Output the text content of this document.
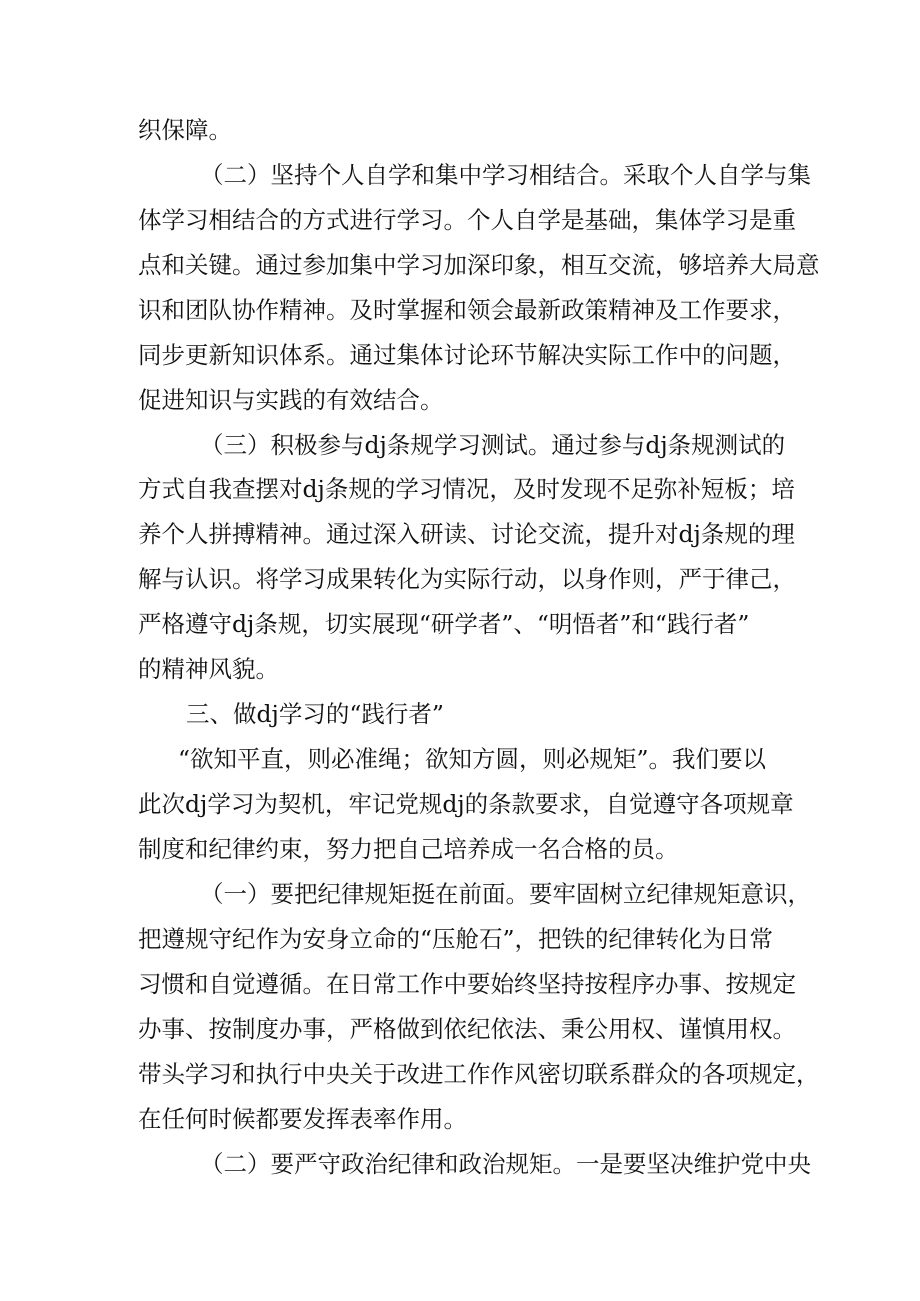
织保障。

（二）坚持个人自学和集中学习相结合。采取个人自学与集

体学习相结合的方式进行学习。个人自学是基础，集体学习是重

点和关键。通过参加集中学习加深印象，相互交流，够培养大局意

识和团队协作精神。及时掌握和领会最新政策精神及工作要求，

同步更新知识体系。通过集体讨论环节解决实际工作中的问题，

促进知识与实践的有效结合。

（三）积极参与dj条规学习测试。通过参与dj条规测试的

方式自我查摆对dj条规的学习情况，及时发现不足弥补短板；培

养个人拼搏精神。通过深入研读、讨论交流，提升对dj条规的理

解与认识。将学习成果转化为实际行动，以身作则，严于律己，

严格遵守dj条规，切实展现“研学者”、“明悟者”和“践行者”

的精神风貌。

三、做dj学习的“践行者”

“欲知平直，则必准绳；欲知方圆，则必规矩”。我们要以

此次dj学习为契机，牢记党规dj的条款要求，自觉遵守各项规章

制度和纪律约束，努力把自己培养成一名合格的员。

（一）要把纪律规矩挺在前面。要牢固树立纪律规矩意识，

把遵规守纪作为安身立命的“压舱石”，把铁的纪律转化为日常

习惯和自觉遵循。在日常工作中要始终坚持按程序办事、按规定

办事、按制度办事，严格做到依纪依法、秉公用权、谨慎用权。

带头学习和执行中央关于改进工作作风密切联系群众的各项规定，

在任何时候都要发挥表率作用。

（二）要严守政治纪律和政治规矩。一是要坚决维护党中央
